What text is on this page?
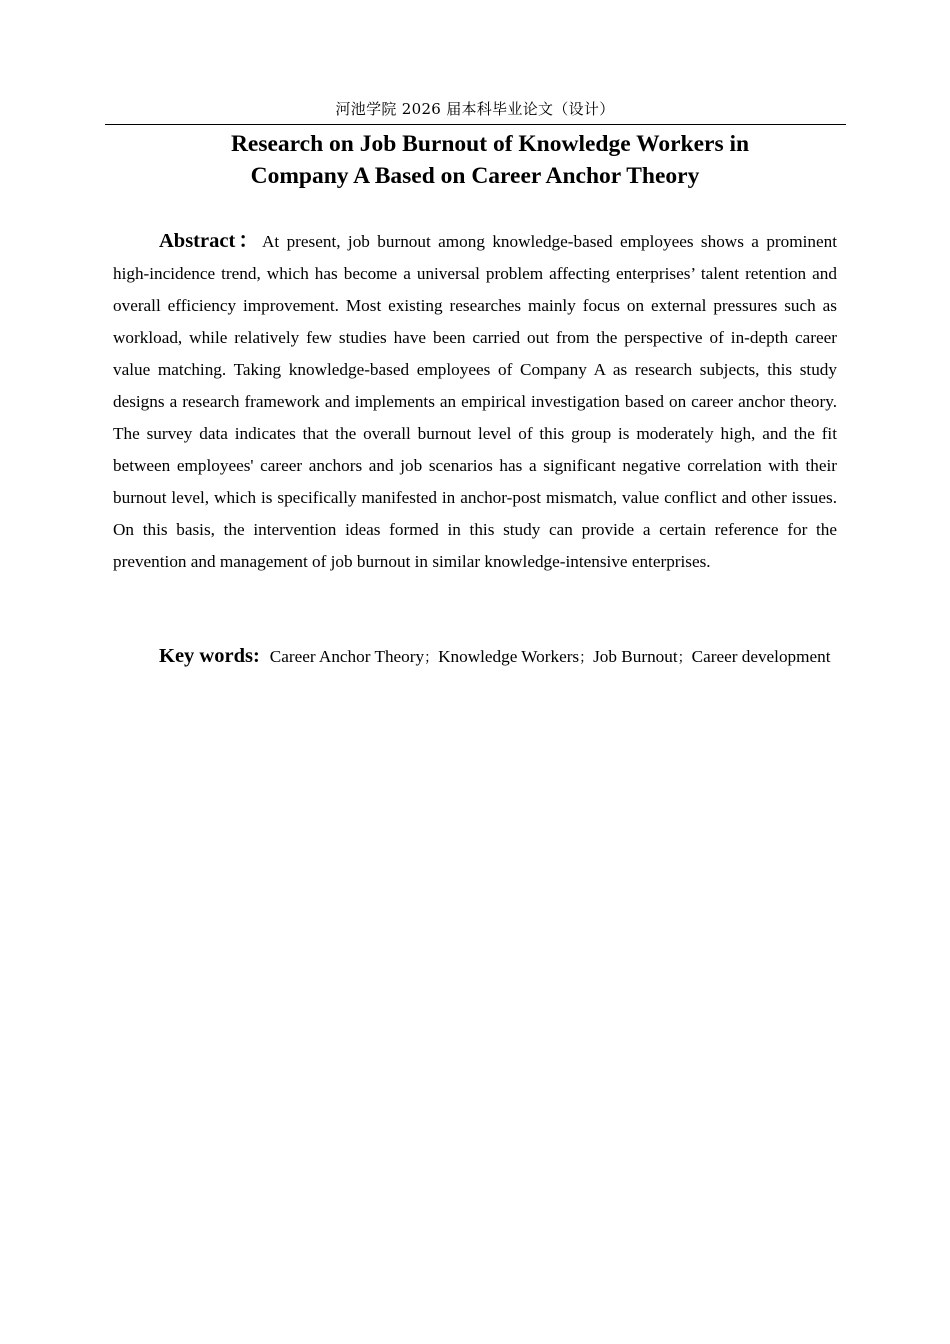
河池学院 2026 届本科毕业论文（设计）
Research on Job Burnout of Knowledge Workers in
Company A Based on Career Anchor Theory

Abstract：At present, job burnout among knowledge-based employees shows a prominent high-incidence trend, which has become a universal problem affecting enterprises’ talent retention and overall efficiency improvement. Most existing researches mainly focus on external pressures such as workload, while relatively few studies have been carried out from the perspective of in-depth career value matching. Taking knowledge-based employees of Company A as research subjects, this study designs a research framework and implements an empirical investigation based on career anchor theory. The survey data indicates that the overall burnout level of this group is moderately high, and the fit between employees' career anchors and job scenarios has a significant negative correlation with their burnout level, which is specifically manifested in anchor-post mismatch, value conflict and other issues. On this basis, the intervention ideas formed in this study can provide a certain reference for the prevention and management of job burnout in similar knowledge-intensive enterprises.

Key words: Career Anchor Theory；Knowledge Workers；Job Burnout；Career development
